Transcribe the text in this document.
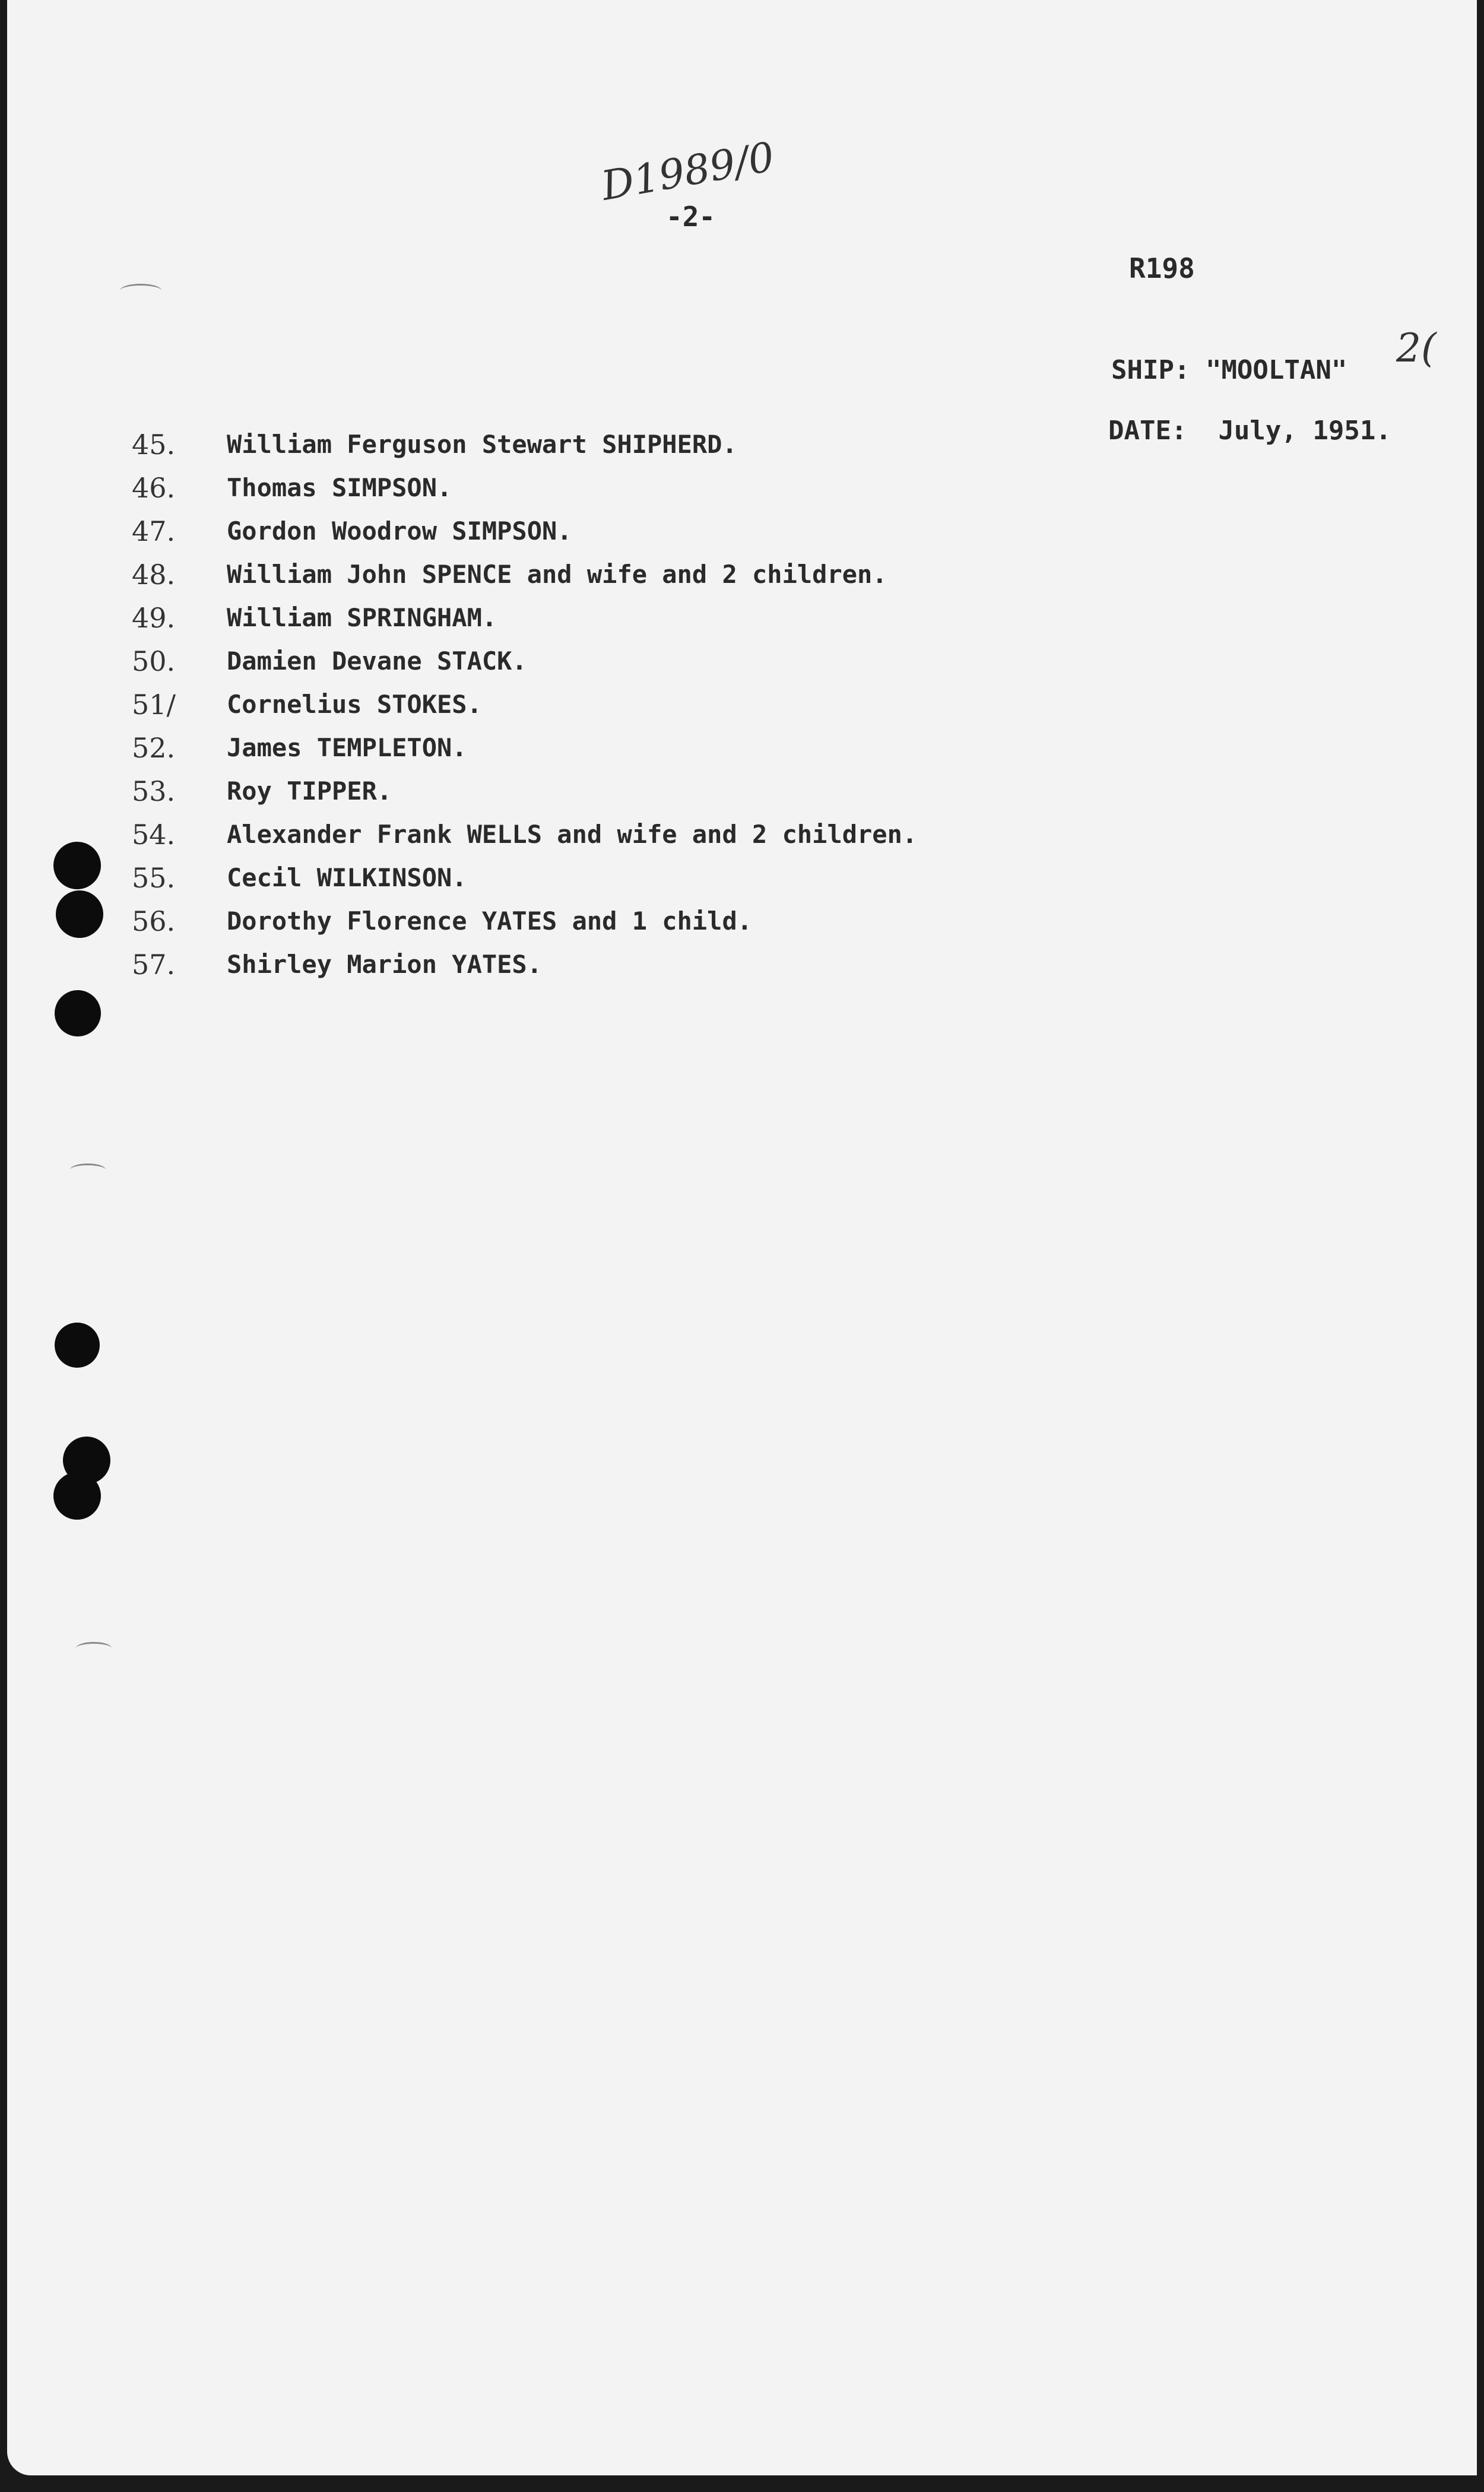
D1989/0
-2-
R198
SHIP: "MOOLTAN" 2(
DATE: July, 1951.
45. William Ferguson Stewart SHIPHERD.
46. Thomas SIMPSON.
47. Gordon Woodrow SIMPSON.
48. William John SPENCE and wife and 2 children.
49. William SPRINGHAM.
50. Damien Devane STACK.
51/ Cornelius STOKES.
52. James TEMPLETON.
53. Roy TIPPER.
54. Alexander Frank WELLS and wife and 2 children.
55. Cecil WILKINSON.
56. Dorothy Florence YATES and 1 child.
57. Shirley Marion YATES.
